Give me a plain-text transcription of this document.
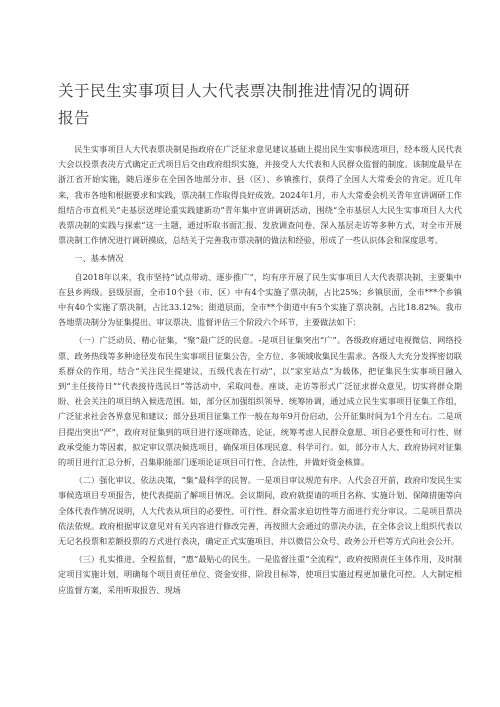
关于民生实事项目人大代表票决制推进情况的调研
报告

民生实事项目人大代表票决制是指政府在广泛征求意见建议基础上提出民生实事候选项目，经本级人民代表大会以投票表决方式确定正式项目后交由政府组织实施，并接受人大代表和人民群众监督的制度。该制度最早在浙江省开始实施，随后逐步在全国各地部分市、县（区）、乡镇推行，获得了全国人大常委会的肯定。近几年来，我市各地和根据要求和实践，票决制工作取得良好成效。2024年1月，市人大常委会机关青年宣讲调研工作组结合市直机关“走基层送理论重实践建新功”青年集中宣讲调研活动，围绕“全市基层人大民生实事项目人大代表票决制的实践与探索”这一主题，通过听取书面汇报、发放调查问卷、深入基层走访等多种方式，对全市开展票决制工作情况进行调研摸底，总结关于完善我市票决制的做法和经验，形成了一些认识体会和深度思考。

一、基本情况

自2018年以来，我市坚持“试点带动、逐步推广”，均有序开展了民生实事项目人大代表票决制，主要集中在县乡两级。县级层面，全市10个县（市、区）中有4个实施了票决制，占比25%；乡镇层面，全市***个乡镇中有40个实施了票决制，占比33.12%；街道层面，全市**个街道中有5个实施了票决制，占比18.82%。我市各地票决制分为征集提出、审议票决、监督评估三个阶段六个环节，主要做法如下：

（一）广泛动员、精心征集，“聚”最广泛的民意。-是项目征集突出“广”。各级政府通过电视微信、网络投票、政务热线等多种途径发布民生实事项目征集公告，全方位、多领域收集民生需求。各级人大充分发挥密切联系群众的作用，结合“关注民生提建议，五级代表在行动”，以“家室站点”为载体，把征集民生实事项目融入到“主任接待日”“代表接待选民日”等活动中，采取问卷、座谈、走访等形式广泛征求群众意见，切实将群众期盼、社会关注的项目纳入候选范围。如，部分区加强组织领导、统筹协调，通过成立民生实事项目征集工作组，广泛征求社会各界意见和建议；部分县项目征集工作一般在每年9月份启动，公开征集时间为1个月左右。二是项目提出突出“严”，政府对征集到的项目进行逐项筛选、论证，统筹考虑人民群众意愿、项目必要性和可行性、财政承受能力等因素，拟定审议票决候选项目，确保项目体现民意、科学可行。如，部分市人大、政府协同对征集的项目进行汇总分析，召集职能部门逐项论证项目可行性、合法性，并做好资金核算。

（二）强化审议、依法决策，“集”最科学的民智。一是项目审议规范有序。人代会召开前，政府印发民生实事候选项目专项报告，使代表提前了解项目情况。会议期间，政府就提请的项目名称、实施计划、保障措施等向全体代表作情况说明，人大代表从项目的必要性、可行性、群众需求迫切性等方面进行充分审议。二是项目票决依法依规。政府根据审议意见对有关内容进行修改完善，再按照大会通过的票决办法，在全体会议上组织代表以无记名投票和差额投票的方式进行表决，确定正式实施项目，并以微信公众号、政务公开栏等方式向社会公开。

（三）扎实推进、全程监督，“惠”最贴心的民生。一是监督注重“全流程”，政府按照责任主体作用，及时制定项目实施计划，明确每个项目责任单位、资金安排、阶段目标等，使项目实施过程更加量化可控。人大制定相应监督方案，采用听取报告、现场
